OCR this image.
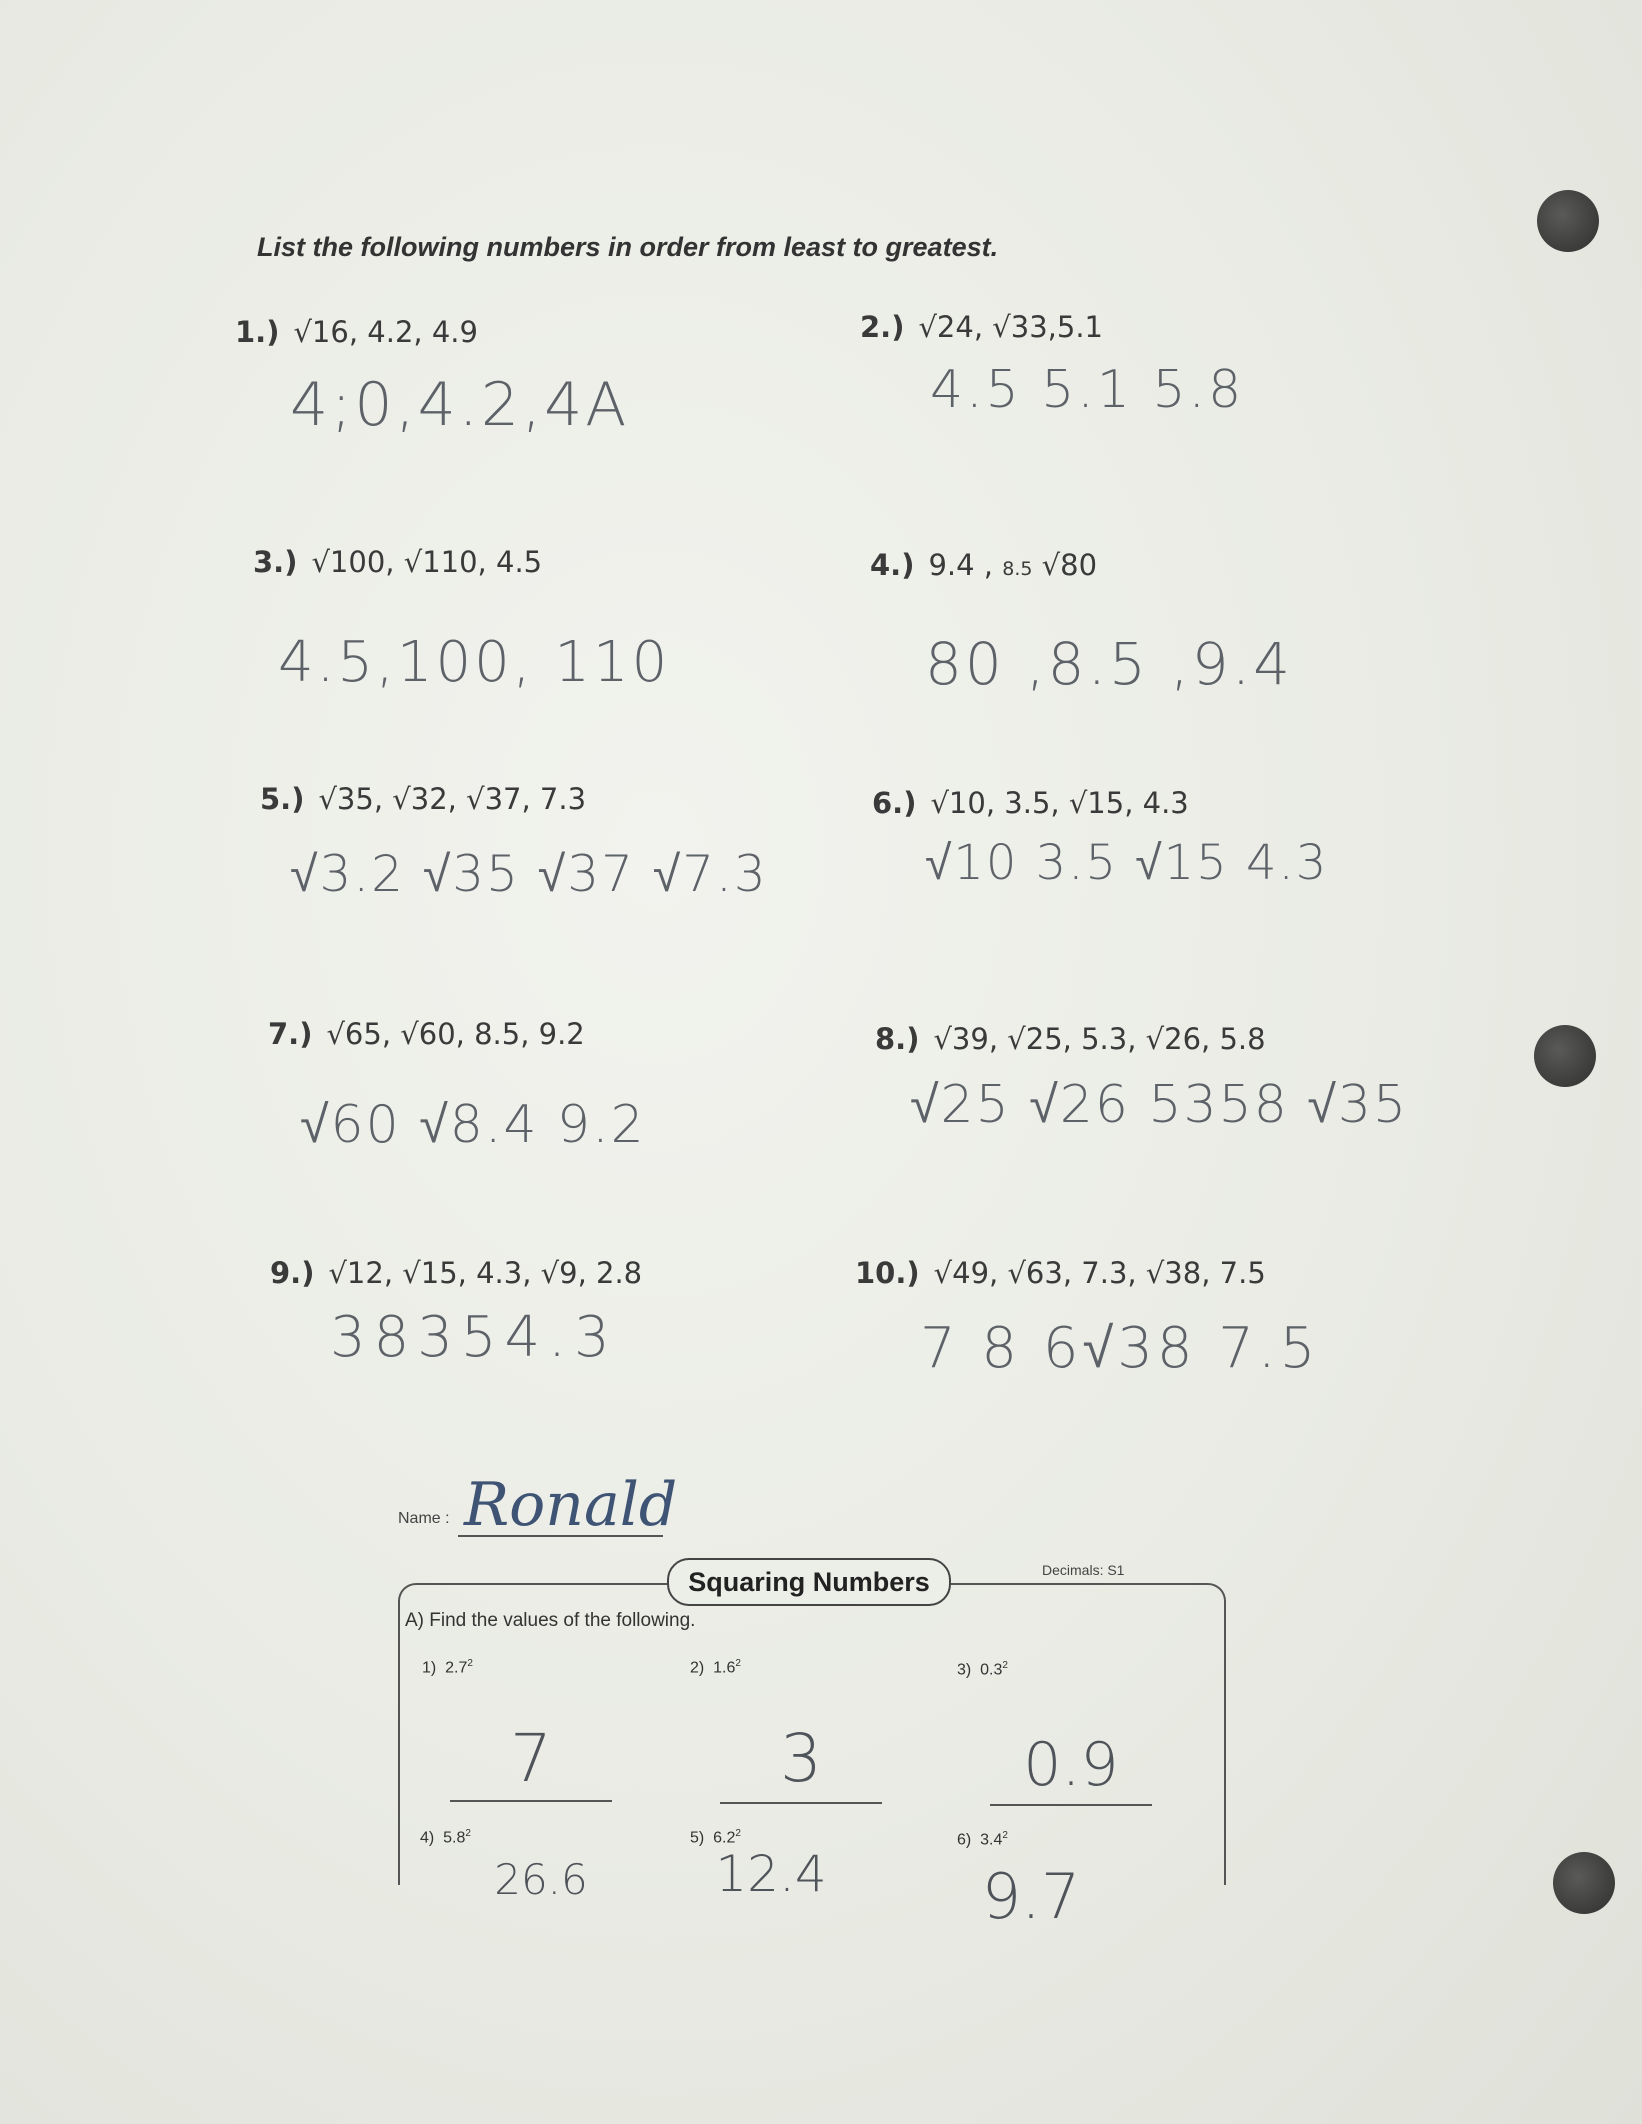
List the following numbers in order from least to greatest.
1.) √16, 4.2, 4.9
4;0,4.2,4A
2.) √24, √33,5.1
4.5 5.1 5.8
3.) √100, √110, 4.5
4.5,100, 110
4.) 9.4 , 8.5 √80
80 ,8.5 ,9.4
5.) √35, √32, √37, 7.3
√3.2 √35 √37 √7.3
6.) √10, 3.5, √15, 4.3
√10 3.5 √15 4.3
7.) √65, √60, 8.5, 9.2
√60 √8.4 9.2
8.) √39, √25, 5.3, √26, 5.8
√25 √26 5358 √35
9.) √12, √15, 4.3, √9, 2.8
38354.3
10.) √49, √63, 7.3, √38, 7.5
7 8 6√38 7.5
Name : Ronald
Squaring Numbers	Decimals: S1
A) Find the values of the following.
1) $2.7^2$
7
2) $1.6^2$
3
3) $0.3^2$
0.9
4) $5.8^2$
26.6
5) $6.2^2$
12.4
6) $3.4^2$
9.7
